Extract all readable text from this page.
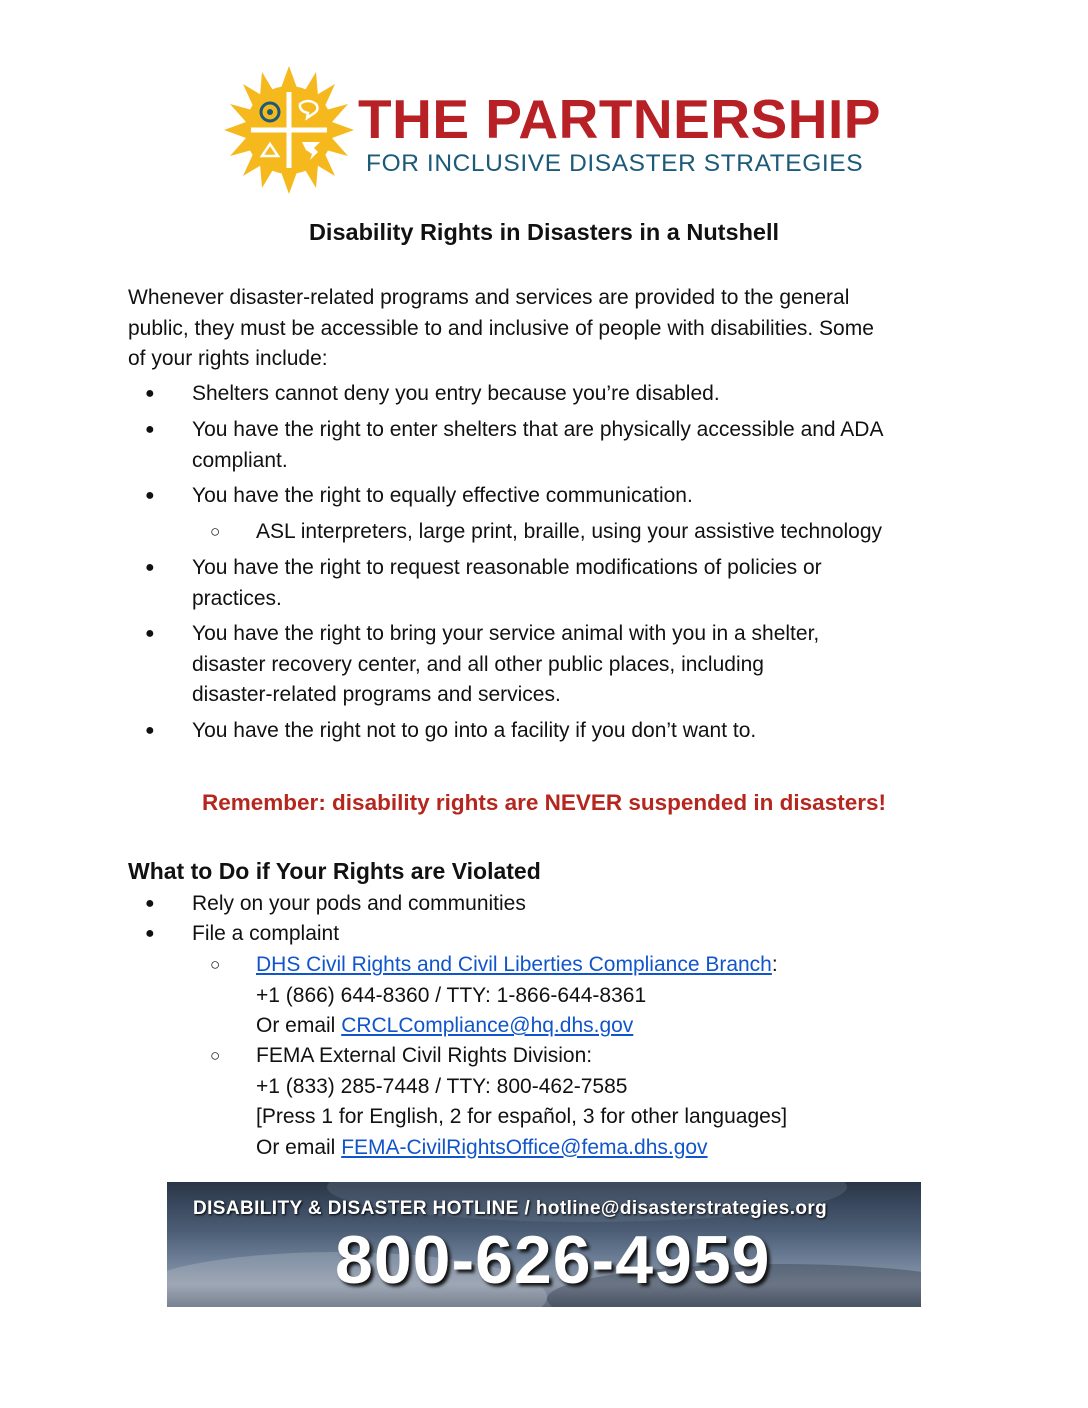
THE PARTNERSHIP
FOR INCLUSIVE DISASTER STRATEGIES
Disability Rights in Disasters in a Nutshell

Whenever disaster-related programs and services are provided to the general
public, they must be accessible to and inclusive of people with disabilities. Some
of your rights include:

● Shelters cannot deny you entry because you’re disabled.
● You have the right to enter shelters that are physically accessible and ADA
compliant.
● You have the right to equally effective communication.
○ ASL interpreters, large print, braille, using your assistive technology
● You have the right to request reasonable modifications of policies or
practices.
● You have the right to bring your service animal with you in a shelter,
disaster recovery center, and all other public places, including
disaster-related programs and services.
● You have the right not to go into a facility if you don’t want to.
Remember: disability rights are NEVER suspended in disasters!
What to Do if Your Rights are Violated
● Rely on your pods and communities
● File a complaint
○ DHS Civil Rights and Civil Liberties Compliance Branch:
+1 (866) 644-8360 / TTY: 1-866-644-8361
Or email CRCLCompliance@hq.dhs.gov
○ FEMA External Civil Rights Division:
+1 (833) 285-7448 / TTY: 800-462-7585
[Press 1 for English, 2 for español, 3 for other languages]
Or email FEMA-CivilRightsOffice@fema.dhs.gov
DISABILITY & DISASTER HOTLINE / hotline@disasterstrategies.org
800-626-4959
